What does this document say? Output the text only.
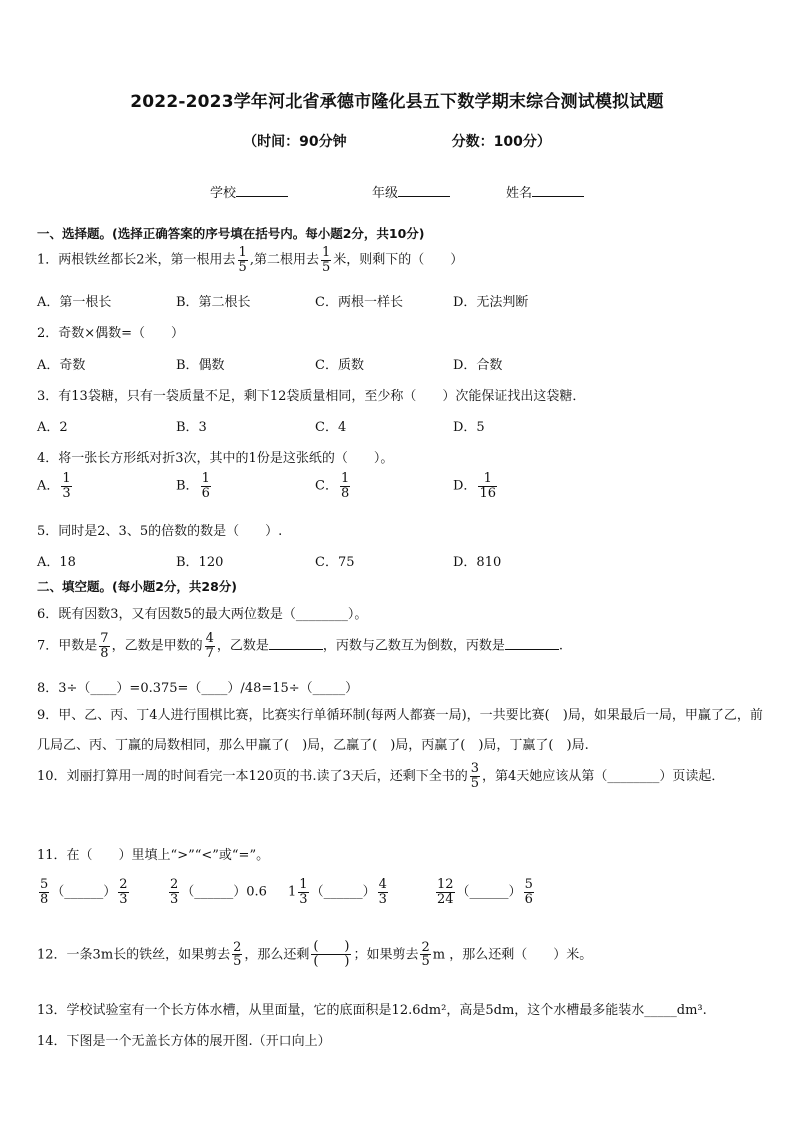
2022-2023学年河北省承德市隆化县五下数学期末综合测试模拟试题
（时间：90分钟	分数：100分）
学校	年级	姓名
一、选择题。(选择正确答案的序号填在括号内。每小题2分，共10分)
1．两根铁丝都长2米，第一根用去 $\frac{1}{5}$ ,第二根用去 $\frac{1}{5}$ 米，则剩下的（　　）
A．第一根长	B．第二根长	C．两根一样长	D．无法判断
2．奇数×偶数=（　　）
A．奇数	B．偶数	C．质数	D．合数
3．有13袋糖，只有一袋质量不足，剩下12袋质量相同，至少称（　　）次能保证找出这袋糖．
A．2	B．3	C．4	D．5
4．将一张长方形纸对折3次，其中的1份是这张纸的（　　）。
A． $\frac{1}{3}$	B． $\frac{1}{6}$	C． $\frac{1}{8}$	D． $\frac{1}{16}$
5．同时是2、3、5的倍数的数是（　　）.
A．18	B．120	C．75	D．810
二、填空题。(每小题2分，共28分)
6．既有因数3，又有因数5的最大两位数是（________）。
7．甲数是 $\frac{7}{8}$ ，乙数是甲数的 $\frac{4}{7}$ ，乙数是	，丙数与乙数互为倒数，丙数是	.
8．3÷（____）=0.375=（____）/48=15÷（_____）
9．甲、乙、丙、丁4人进行围棋比赛，比赛实行单循环制(每两人都赛一局)，一共要比赛(　)局，如果最后一局，甲赢了乙，前几局乙、丙、丁赢的局数相同，那么甲赢了(　)局，乙赢了(　)局，丙赢了(　)局，丁赢了(　)局.
10．刘丽打算用一周的时间看完一本120页的书.读了3天后，还剩下全书的 $\frac{3}{5}$ ，第4天她应该从第（________）页读起．
11．在（　　）里填上“>”“<”或“=”。
$\frac{5}{8}$ （______） $\frac{2}{3}$	$\frac{2}{3}$ （______）0.6 $1 \frac{1}{3}$ （______） $\frac{4}{3}$	$\frac{12}{24}$ （______） $\frac{5}{6}$
12．一条3m长的铁丝，如果剪去 $\frac{2}{5}$ ，那么还剩 $\frac{( )}{( )}$ ；如果剪去 $\frac{2}{5}$ m ，那么还剩（　　）米。
13．学校试验室有一个长方体水槽，从里面量，它的底面积是12.6dm²，高是5dm，这个水槽最多能装水_____dm³.
14．下图是一个无盖长方体的展开图.（开口向上）
